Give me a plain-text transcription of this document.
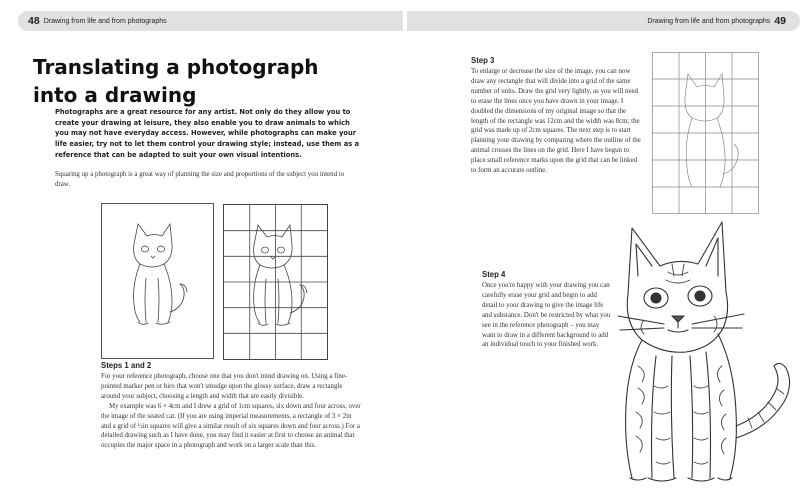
48 Drawing from life and from photographs	Drawing from life and from photographs 49
Translating a photograph into a drawing
Photographs are a great resource for any artist. Not only do they allow you to create your drawing at leisure, they also enable you to draw animals to which you may not have everyday access. However, while photographs can make your life easier, try not to let them control your drawing style; instead, use them as a reference that can be adapted to suit your own visual intentions.
Squaring up a photograph is a great way of planning the size and proportions of the subject you intend to draw.
Steps 1 and 2

For your reference photograph, choose one that you don't mind drawing on. Using a fine-pointed marker pen or biro that won't smudge upon the glossy surface, draw a rectangle around your subject, choosing a length and width that are easily divisible.

My example was 6 × 4cm and I drew a grid of 1cm squares, six down and four across, over the image of the seated cat. (If you are using imperial measurements, a rectangle of 3 × 2in and a grid of ½in squares will give a similar result of six squares down and four across.) For a detailed drawing such as I have done, you may find it easier at first to choose an animal that occupies the major space in a photograph and work on a larger scale than this.

Step 3
To enlarge or decrease the size of the image, you can now draw any rectangle that will divide into a grid of the same number of units. Draw the grid very lightly, as you will need to erase the lines once you have drawn in your image. I doubled the dimensions of my original image so that the length of the rectangle was 12cm and the width was 8cm; the grid was made up of 2cm squares. The next step is to start planning your drawing by comparing where the outline of the animal crosses the lines on the grid. Here I have begun to place small reference marks upon the grid that can be linked to form an accurate outline.
Step 4
Once you're happy with your drawing you can carefully erase your grid and begin to add detail to your drawing to give the image life and substance. Don't be restricted by what you see in the reference photograph – you may want to draw in a different background to add an individual touch to your finished work.
